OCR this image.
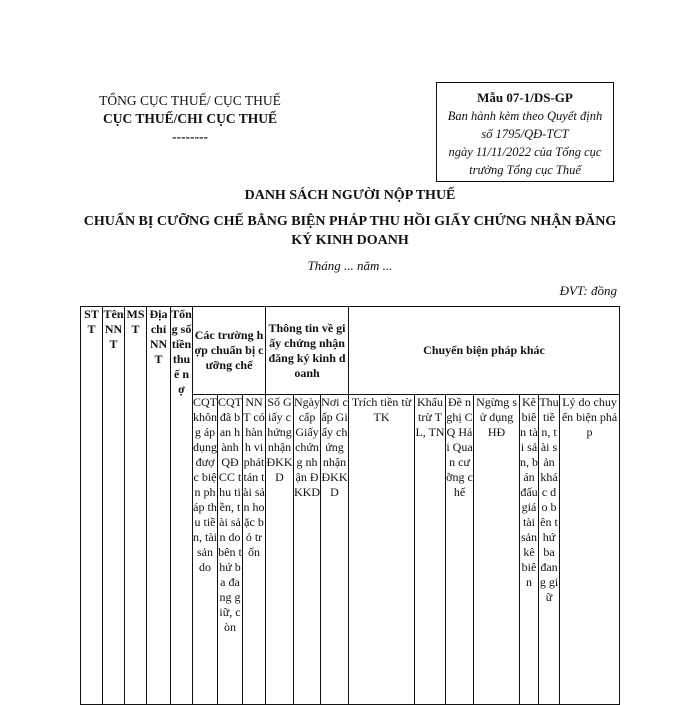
TỔNG CỤC THUẾ/ CỤC THUẾ
CỤC THUẾ/CHI CỤC THUẾ
--------
Mẫu 07-1/DS-GP
Ban hành kèm theo Quyết định
số 1795/QĐ-TCT
ngày 11/11/2022 của Tổng cục
trưởng Tổng cục Thuế
DANH SÁCH NGƯỜI NỘP THUẾ
CHUẨN BỊ CƯỠNG CHẾ BẰNG BIỆN PHÁP THU HỒI GIẤY CHỨNG NHẬN ĐĂNG KÝ KINH DOANH
Tháng ... năm ...
ĐVT: đồng
STT	Tên NNT	MST	Địa chỉ NNT	Tổng số tiền thuế nợ	Các trường hợp chuẩn bị cưỡng chế			Thông tin về giấy chứng nhận đăng ký kinh doanh			Chuyển biện pháp khác						
					CQT không áp dụng được biện pháp thu tiền, tài sản do	CQT đã ban hành QĐ CC thu tiền, tài sản do bên thứ ba đang giữ, còn	NNT có hành vi phát tán tài sản hoặc bỏ trốn	Số Giấy chứng nhận ĐKKD	Ngày cấp Giấy chứng nhận ĐKKD	Nơi cấp Giấy chứng nhận ĐKKD	Trích tiền từ TK	Khấu trừ TL, TN	Đề nghị CQ Hải Quan cưỡng chế	Ngừng sử dụng HĐ	Kê biên tài sản, bán đấu giá tài sản kê biên	Thu tiền, tài sản khác do bên thứ ba đang giữ	Lý do chuyển biện pháp
